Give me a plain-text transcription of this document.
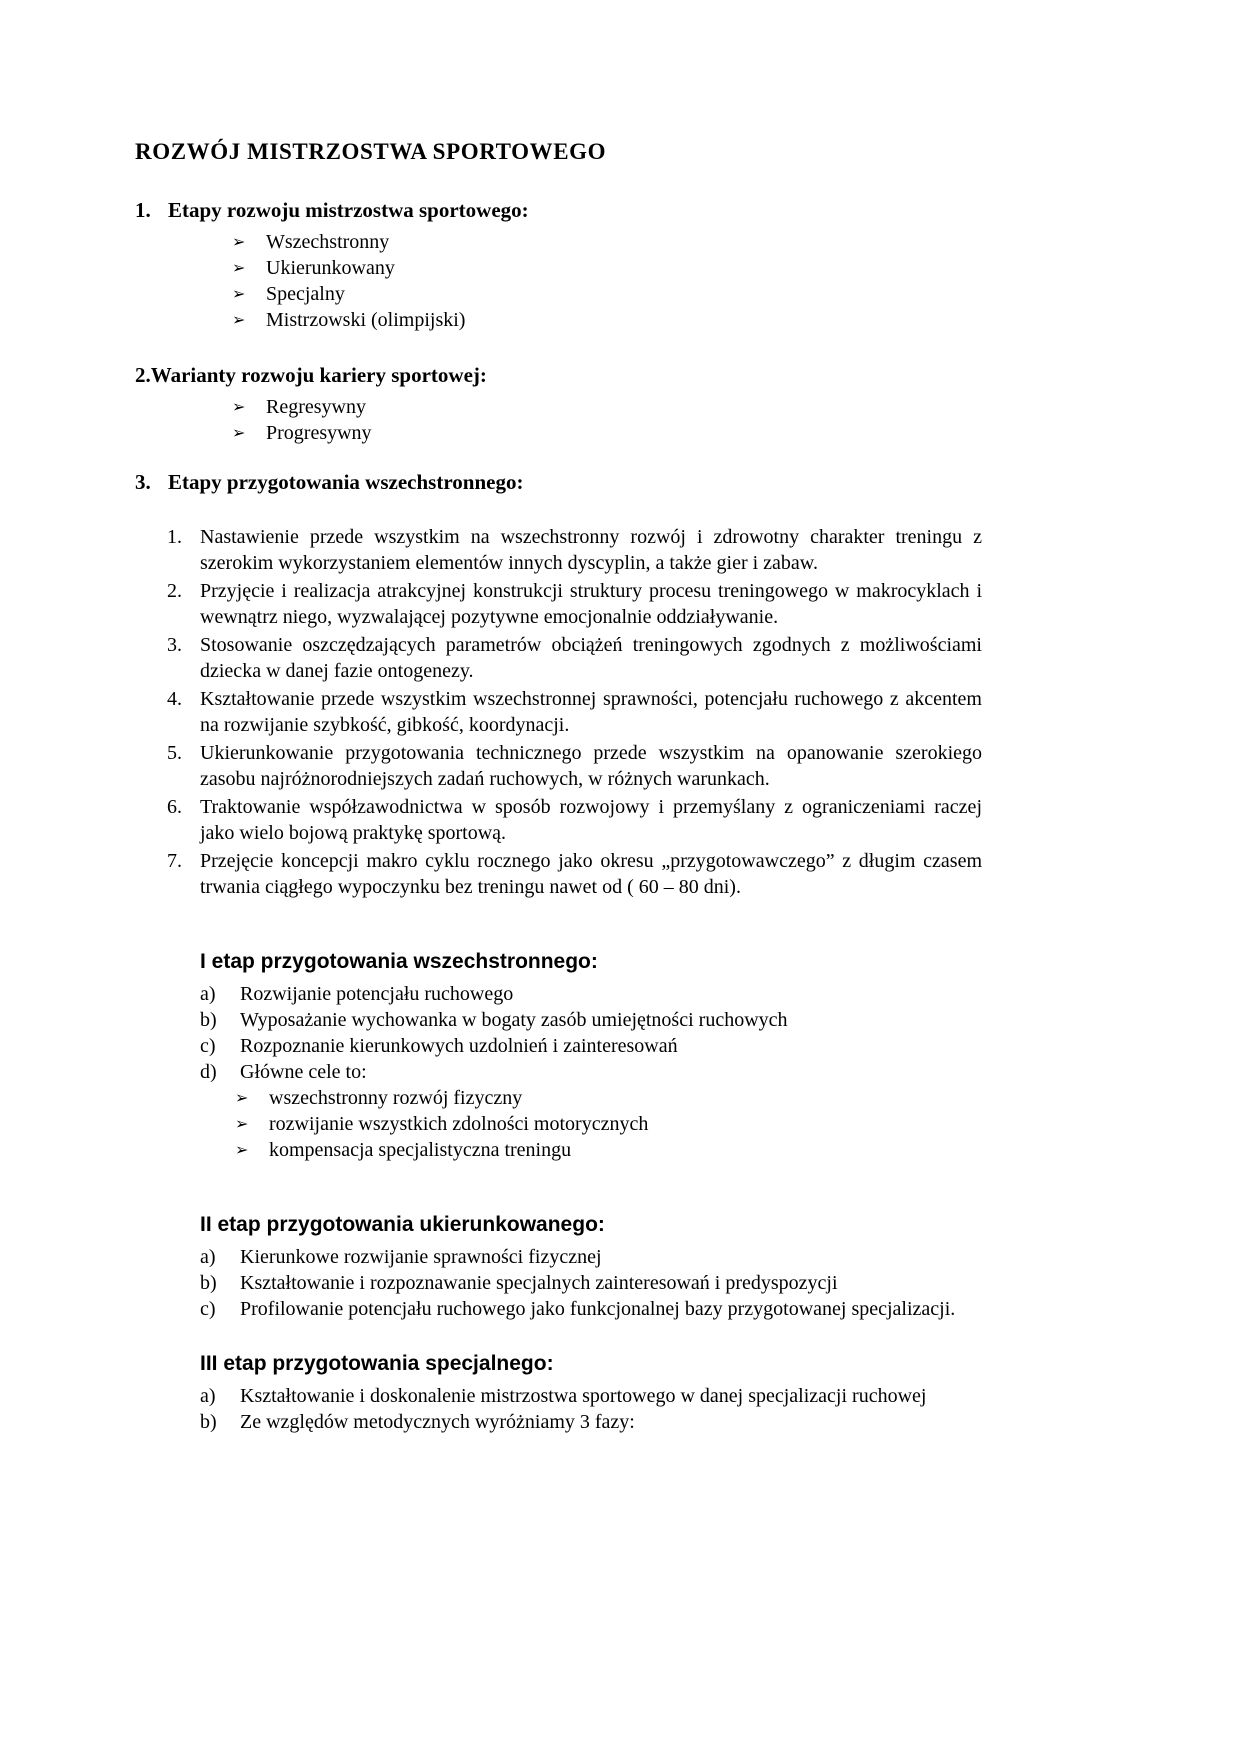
ROZWÓJ MISTRZOSTWA SPORTOWEGO
1. Etapy rozwoju mistrzostwa sportowego:
➢	Wszechstronny
➢	Ukierunkowany
➢	Specjalny
➢	Mistrzowski (olimpijski)
2.Warianty rozwoju kariery sportowej:
➢	Regresywny
➢	Progresywny
3. Etapy przygotowania wszechstronnego:
1. Nastawienie przede wszystkim na wszechstronny rozwój i zdrowotny charakter treningu z szerokim wykorzystaniem elementów innych dyscyplin, a także gier i zabaw.
2. Przyjęcie i realizacja atrakcyjnej konstrukcji struktury procesu treningowego w makrocyklach i wewnątrz niego, wyzwalającej pozytywne emocjonalnie oddziaływanie.
3. Stosowanie oszczędzających parametrów obciążeń treningowych zgodnych z możliwościami dziecka w danej fazie ontogenezy.
4. Kształtowanie przede wszystkim wszechstronnej sprawności, potencjału ruchowego z akcentem na rozwijanie szybkość, gibkość, koordynacji.
5. Ukierunkowanie przygotowania technicznego przede wszystkim na opanowanie szerokiego zasobu najróżnorodniejszych zadań ruchowych, w różnych warunkach.
6. Traktowanie współzawodnictwa w sposób rozwojowy i przemyślany z ograniczeniami raczej jako wielo bojową praktykę sportową.
7. Przejęcie koncepcji makro cyklu rocznego jako okresu „przygotowawczego” z długim czasem trwania ciągłego wypoczynku bez treningu nawet od ( 60 – 80 dni).
I etap przygotowania wszechstronnego:
a)	Rozwijanie potencjału ruchowego
b)	Wyposażanie wychowanka w bogaty zasób umiejętności ruchowych
c)	Rozpoznanie kierunkowych uzdolnień i zainteresowań
d)	Główne cele to:
➢	wszechstronny rozwój fizyczny
➢	rozwijanie wszystkich zdolności motorycznych
➢	kompensacja specjalistyczna treningu
II etap przygotowania ukierunkowanego:
a)	Kierunkowe rozwijanie sprawności fizycznej
b)	Kształtowanie i rozpoznawanie specjalnych zainteresowań i predyspozycji
c)	Profilowanie potencjału ruchowego jako funkcjonalnej bazy przygotowanej specjalizacji.
III etap przygotowania specjalnego:
a)	Kształtowanie i doskonalenie mistrzostwa sportowego w danej specjalizacji ruchowej
b)	Ze względów metodycznych wyróżniamy 3 fazy:
